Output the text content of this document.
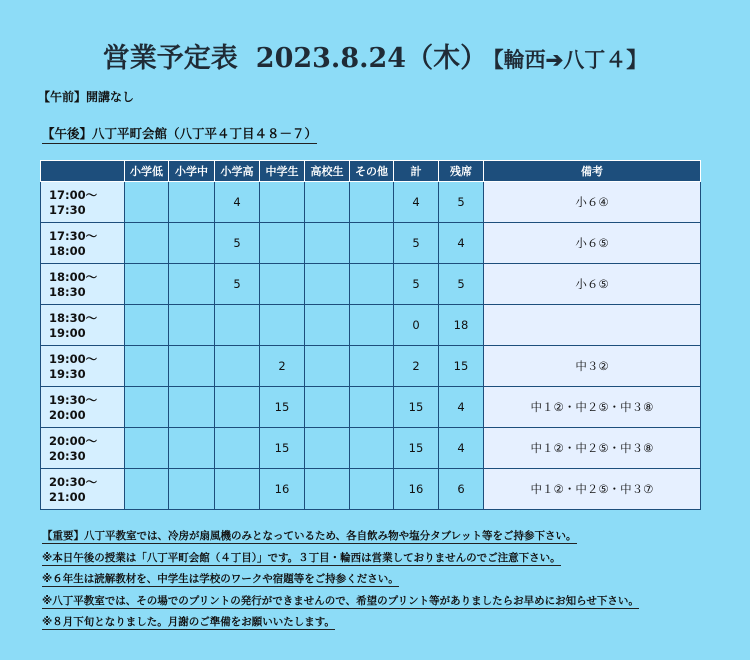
営業予定表 2023.8.24（木） 【輪西➔八丁４】
【午前】開講なし
【午後】八丁平町会館（八丁平４丁目４８－７）
	小学低	小学中	小学高	中学生	高校生	その他	計	残席	備考
17:00〜17:30			4				4	5	小６④
17:30〜18:00			5				5	4	小６⑤
18:00〜18:30			5				5	5	小６⑤
18:30〜19:00							0	18	
19:00〜19:30				2			2	15	中３②
19:30〜20:00				15			15	4	中１②・中２⑤・中３⑧
20:00〜20:30				15			15	4	中１②・中２⑤・中３⑧
20:30〜21:00				16			16	6	中１②・中２⑤・中３⑦
【重要】八丁平教室では、冷房が扇風機のみとなっているため、各自飲み物や塩分タブレット等をご持参下さい。
※本日午後の授業は「八丁平町会館（４丁目）」です。３丁目・輪西は営業しておりませんのでご注意下さい。
※６年生は読解教材を、中学生は学校のワークや宿題等をご持参ください。
※八丁平教室では、その場でのプリントの発行ができませんので、希望のプリント等がありましたらお早めにお知らせ下さい。
※８月下旬となりました。月謝のご準備をお願いいたします。
